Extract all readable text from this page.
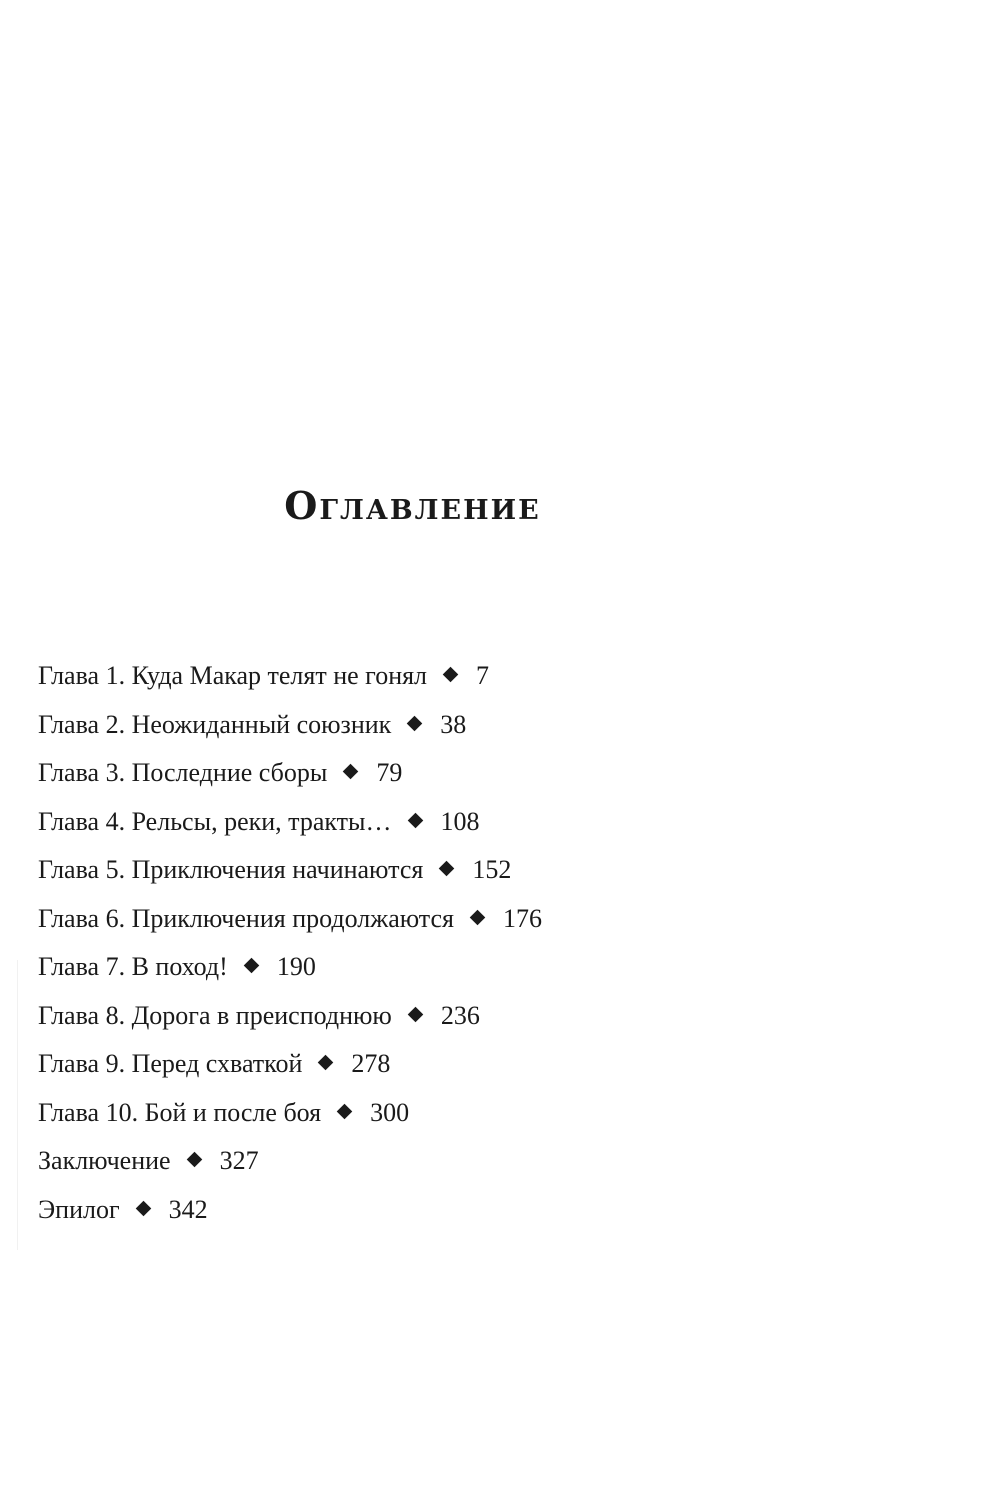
Оглавление
Глава 1. Куда Макар телят не гонял 7
Глава 2. Неожиданный союзник 38
Глава 3. Последние сборы 79
Глава 4. Рельсы, реки, тракты… 108
Глава 5. Приключения начинаются 152
Глава 6. Приключения продолжаются 176
Глава 7. В поход! 190
Глава 8. Дорога в преисподнюю 236
Глава 9. Перед схваткой 278
Глава 10. Бой и после боя 300
Заключение 327
Эпилог 342
